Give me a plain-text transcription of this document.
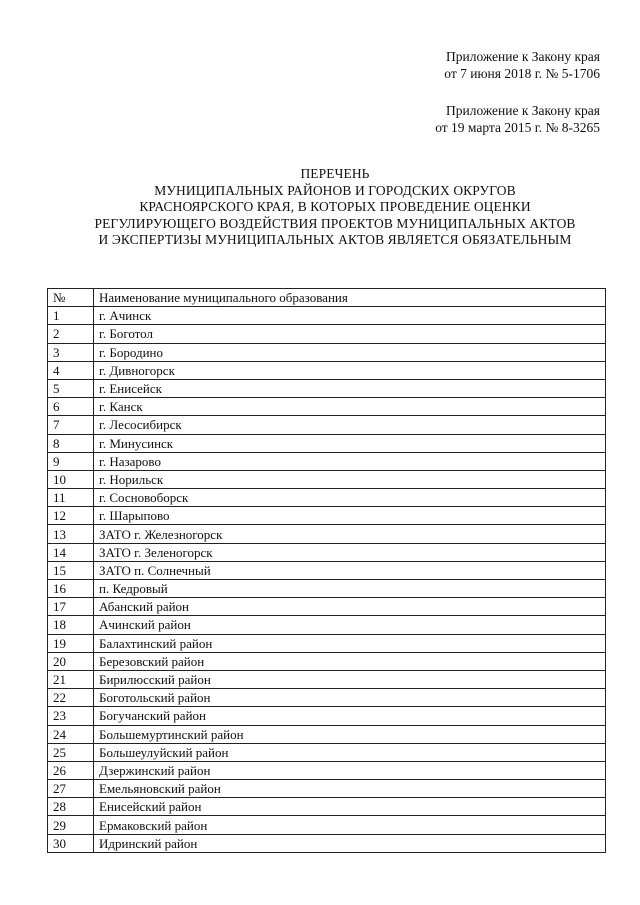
Приложение к Закону края
от 7 июня 2018 г. № 5-1706
Приложение к Закону края
от 19 марта 2015 г. № 8-3265
ПЕРЕЧЕНЬ
МУНИЦИПАЛЬНЫХ РАЙОНОВ И ГОРОДСКИХ ОКРУГОВ
КРАСНОЯРСКОГО КРАЯ, В КОТОРЫХ ПРОВЕДЕНИЕ ОЦЕНКИ
РЕГУЛИРУЮЩЕГО ВОЗДЕЙСТВИЯ ПРОЕКТОВ МУНИЦИПАЛЬНЫХ АКТОВ
И ЭКСПЕРТИЗЫ МУНИЦИПАЛЬНЫХ АКТОВ ЯВЛЯЕТСЯ ОБЯЗАТЕЛЬНЫМ
№	Наименование муниципального образования
1	г. Ачинск
2	г. Боготол
3	г. Бородино
4	г. Дивногорск
5	г. Енисейск
6	г. Канск
7	г. Лесосибирск
8	г. Минусинск
9	г. Назарово
10	г. Норильск
11	г. Сосновоборск
12	г. Шарыпово
13	ЗАТО г. Железногорск
14	ЗАТО г. Зеленогорск
15	ЗАТО п. Солнечный
16	п. Кедровый
17	Абанский район
18	Ачинский район
19	Балахтинский район
20	Березовский район
21	Бирилюсский район
22	Боготольский район
23	Богучанский район
24	Большемуртинский район
25	Большеулуйский район
26	Дзержинский район
27	Емельяновский район
28	Енисейский район
29	Ермаковский район
30	Идринский район
